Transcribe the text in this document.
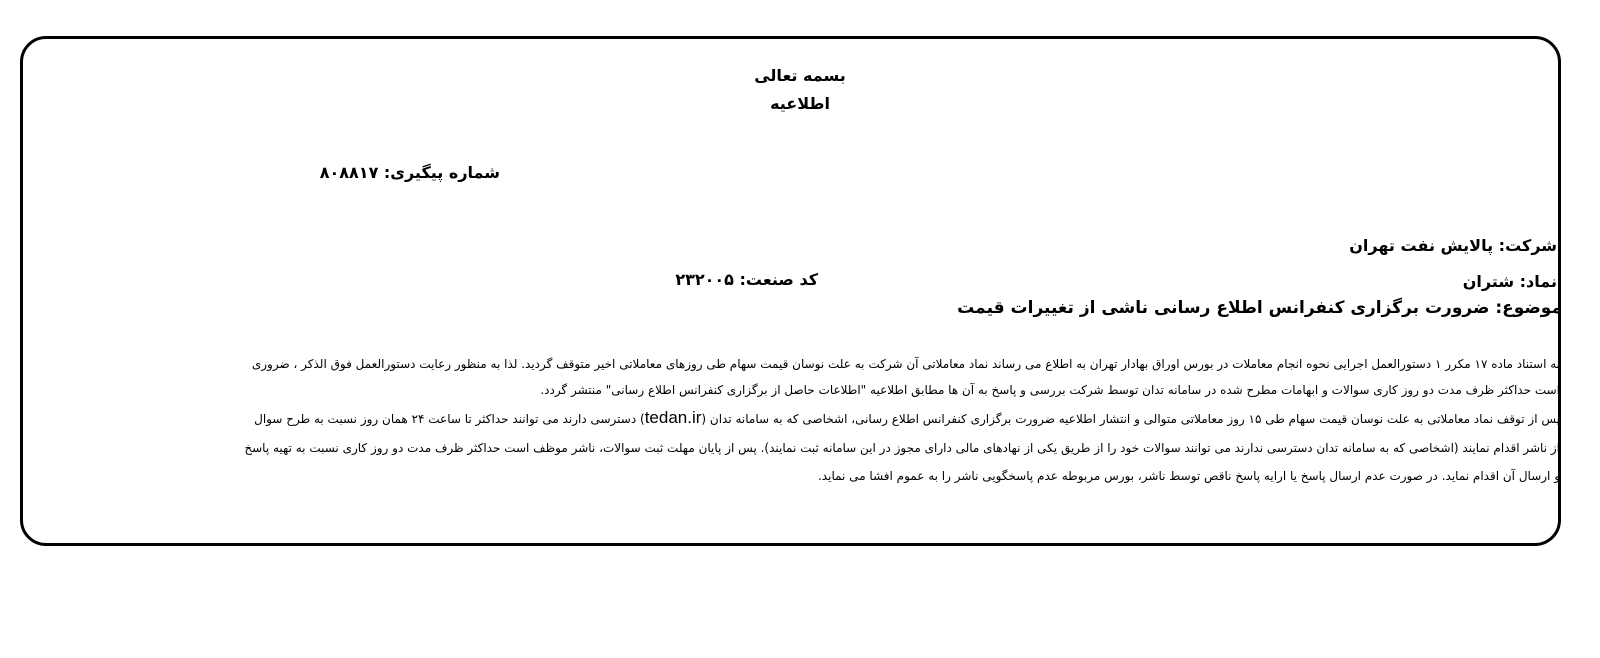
بسمه تعالی
اطلاعیه
شماره پیگیری: ۸۰۸۸۱۷
شرکت: پالایش نفت تهران
نماد: شتران
کد صنعت: ۲۳۲۰۰۵
موضوع: ضرورت برگزاری کنفرانس اطلاع رسانی ناشی از تغییرات قیمت
به استناد ماده ۱۷ مکرر ۱ دستورالعمل اجرایی نحوه انجام معاملات در بورس اوراق بهادار تهران به اطلاع می رساند نماد معاملاتی آن شرکت به علت نوسان قیمت سهام طی روزهای معاملاتی اخیر متوقف گردید. لذا به منظور رعایت دستورالعمل فوق الذکر ، ضروری
است حداکثر ظرف مدت دو روز کاری سوالات و ابهامات مطرح شده در سامانه تدان توسط شرکت بررسی و پاسخ به آن ها مطابق اطلاعیه "اطلاعات حاصل از برگزاری کنفرانس اطلاع رسانی" منتشر گردد.
پس از توقف نماد معاملاتی به علت نوسان قیمت سهام طی ۱۵ روز معاملاتی متوالی و انتشار اطلاعیه ضرورت برگزاری کنفرانس اطلاع رسانی، اشخاصی که به سامانه تدان (tedan.ir) دسترسی دارند می توانند حداکثر تا ساعت ۲۴ همان روز نسبت به طرح سوال
از ناشر اقدام نمایند (اشخاصی که به سامانه تدان دسترسی ندارند می توانند سوالات خود را از طریق یکی از نهادهای مالی دارای مجوز در این سامانه ثبت نمایند). پس از پایان مهلت ثبت سوالات، ناشر موظف است حداکثر ظرف مدت دو روز کاری نسبت به تهیه پاسخ
و ارسال آن اقدام نماید. در صورت عدم ارسال پاسخ یا ارایه پاسخ ناقص توسط ناشر، بورس مربوطه عدم پاسخگویی ناشر را به عموم افشا می نماید.
